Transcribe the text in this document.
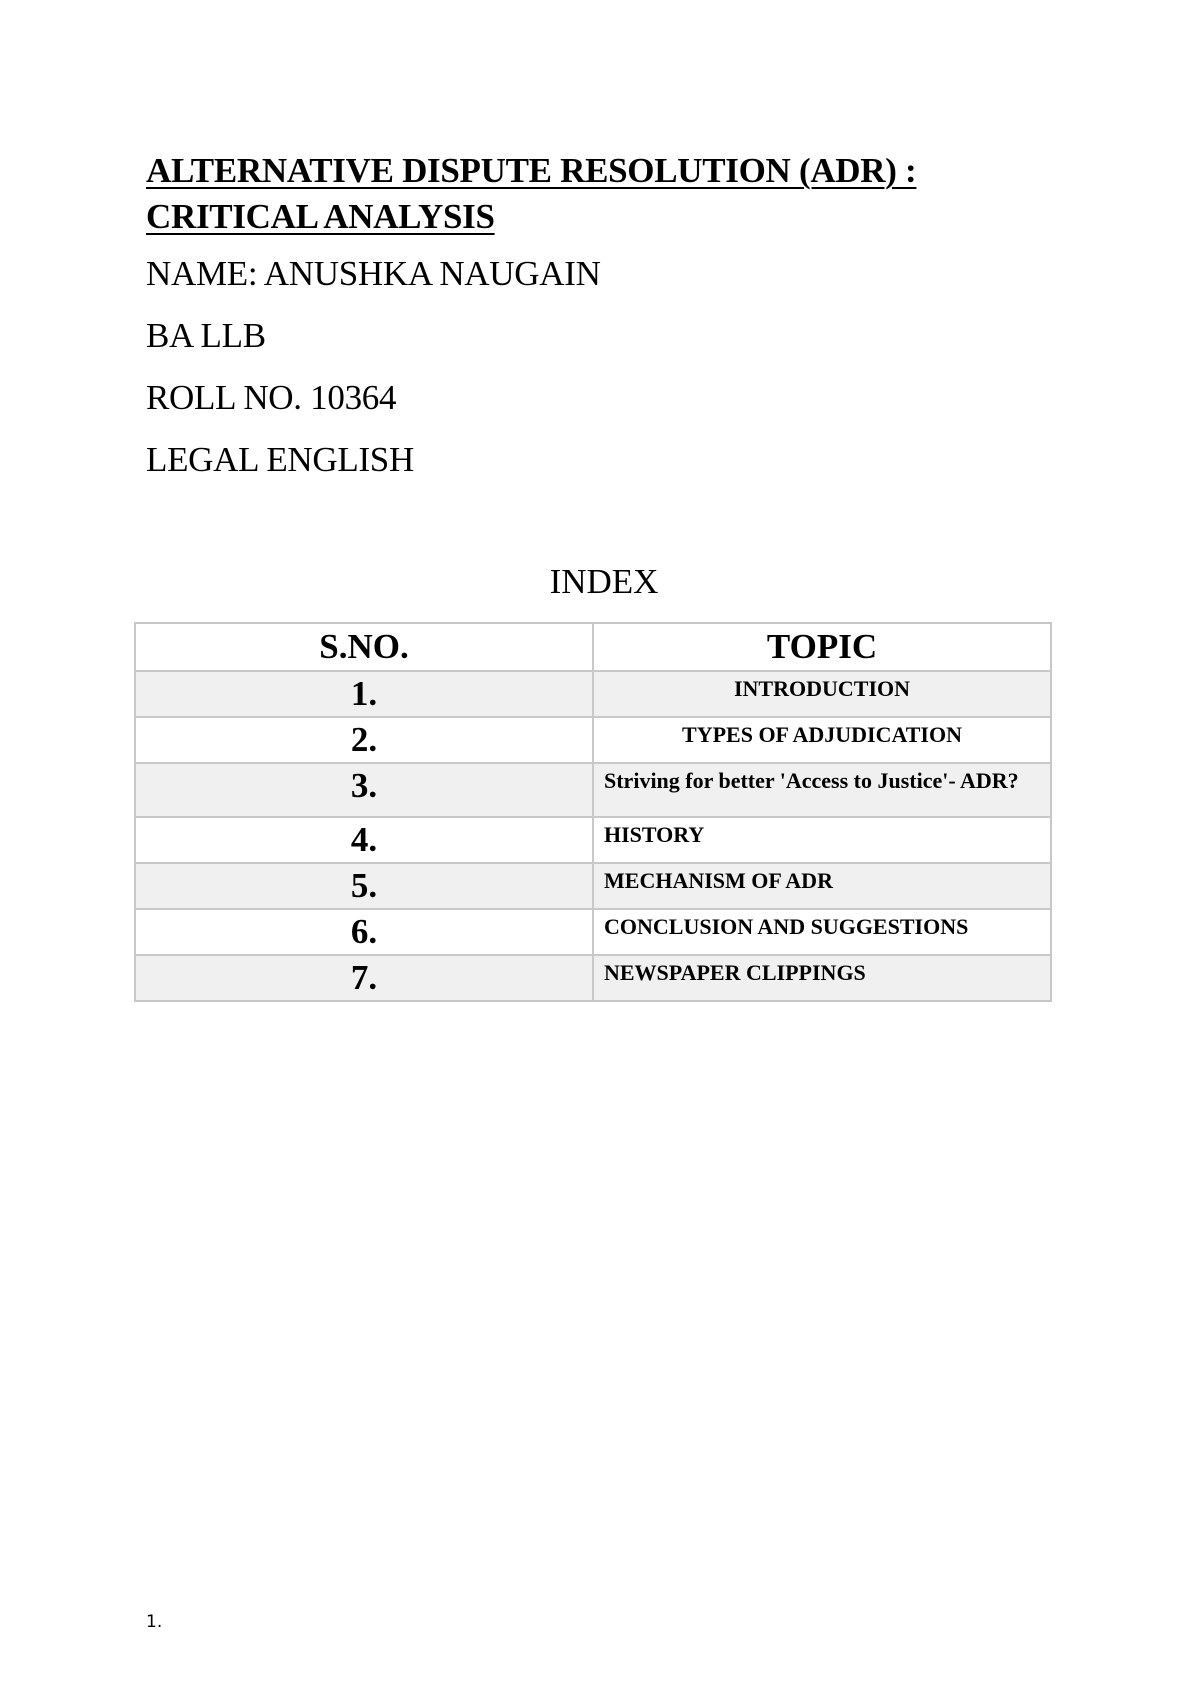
ALTERNATIVE DISPUTE RESOLUTION (ADR) :
CRITICAL ANALYSIS

NAME: ANUSHKA NAUGAIN

BA LLB

ROLL NO. 10364

LEGAL ENGLISH

INDEX

S.NO.	TOPIC
1.	INTRODUCTION
2.	TYPES OF ADJUDICATION
3.	Striving for better 'Access to Justice'- ADR?
4.	HISTORY
5.	MECHANISM OF ADR
6.	CONCLUSION AND SUGGESTIONS
7.	NEWSPAPER CLIPPINGS

1.
